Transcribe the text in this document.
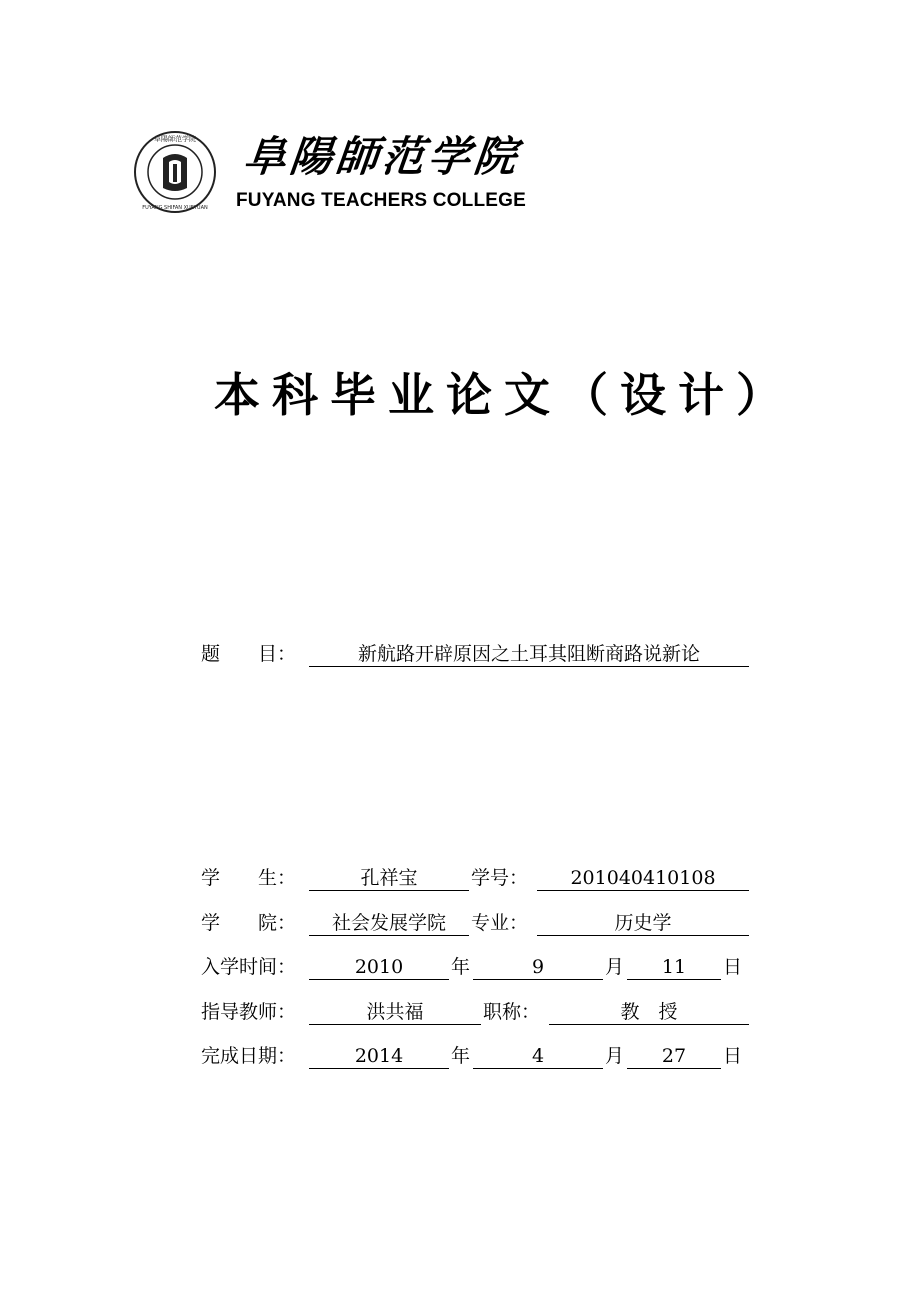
阜陽師范学院
FUYANG SHIFAN XUEYUAN
阜陽師范学院
FUYANG TEACHERS COLLEGE
本科毕业论文（设计）
题　　目：	新航路开辟原因之土耳其阻断商路说新论
学　　生：	孔祥宝	学号：	201040410108
学　　院：	社会发展学院	专业：	历史学
入学时间：	2010	年	9	月	11	日
指导教师：	洪共福	职称：	教　授
完成日期：	2014	年	4	月	27	日
